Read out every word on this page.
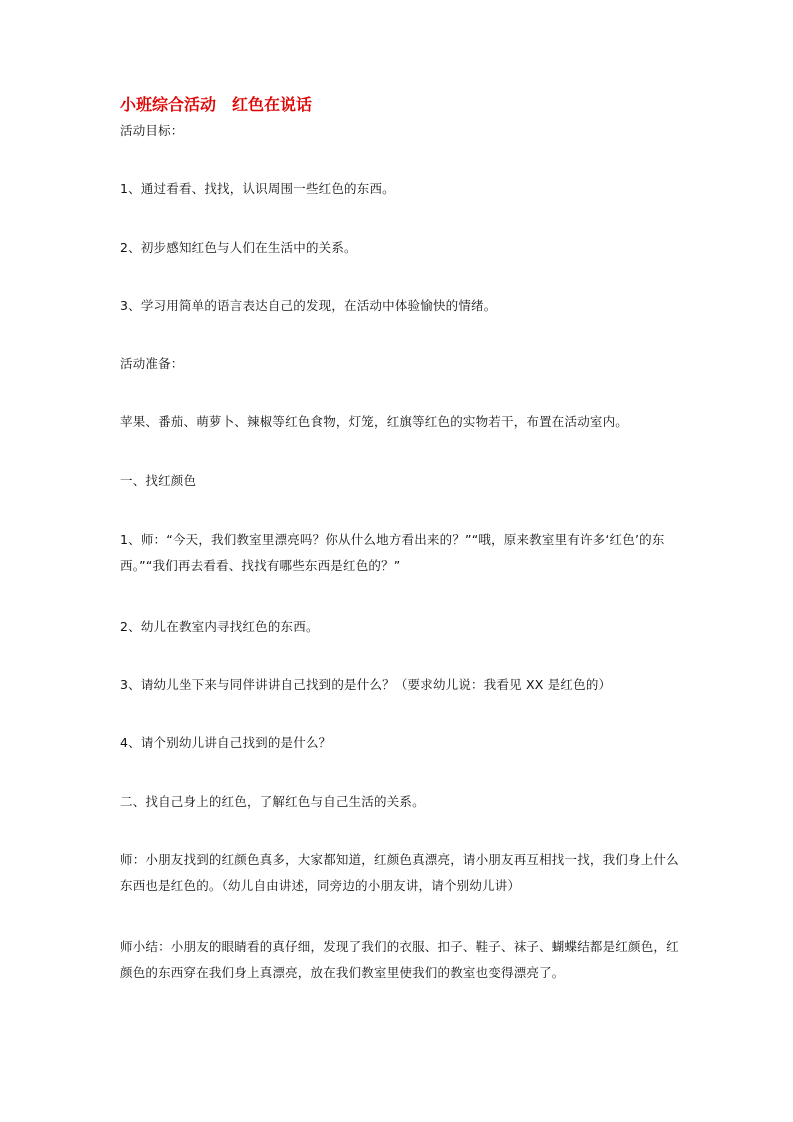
小班综合活动　红色在说话
活动目标：
1、通过看看、找找，认识周围一些红色的东西。
2、初步感知红色与人们在生活中的关系。
3、学习用简单的语言表达自己的发现，在活动中体验愉快的情绪。
活动准备：
苹果、番茄、萌萝卜、辣椒等红色食物，灯笼，红旗等红色的实物若干，布置在活动室内。
一、找红颜色
1、师：“今天，我们教室里漂亮吗？你从什么地方看出来的？”“哦，原来教室里有许多‘红色’的东西。”“我们再去看看、找找有哪些东西是红色的？”
2、幼儿在教室内寻找红色的东西。
3、请幼儿坐下来与同伴讲讲自己找到的是什么？（要求幼儿说：我看见 XX 是红色的）
4、请个别幼儿讲自己找到的是什么？
二、找自己身上的红色，了解红色与自己生活的关系。
师：小朋友找到的红颜色真多，大家都知道，红颜色真漂亮，请小朋友再互相找一找，我们身上什么东西也是红色的。（幼儿自由讲述，同旁边的小朋友讲，请个别幼儿讲）
师小结：小朋友的眼睛看的真仔细，发现了我们的衣服、扣子、鞋子、袜子、蝴蝶结都是红颜色，红颜色的东西穿在我们身上真漂亮，放在我们教室里使我们的教室也变得漂亮了。
